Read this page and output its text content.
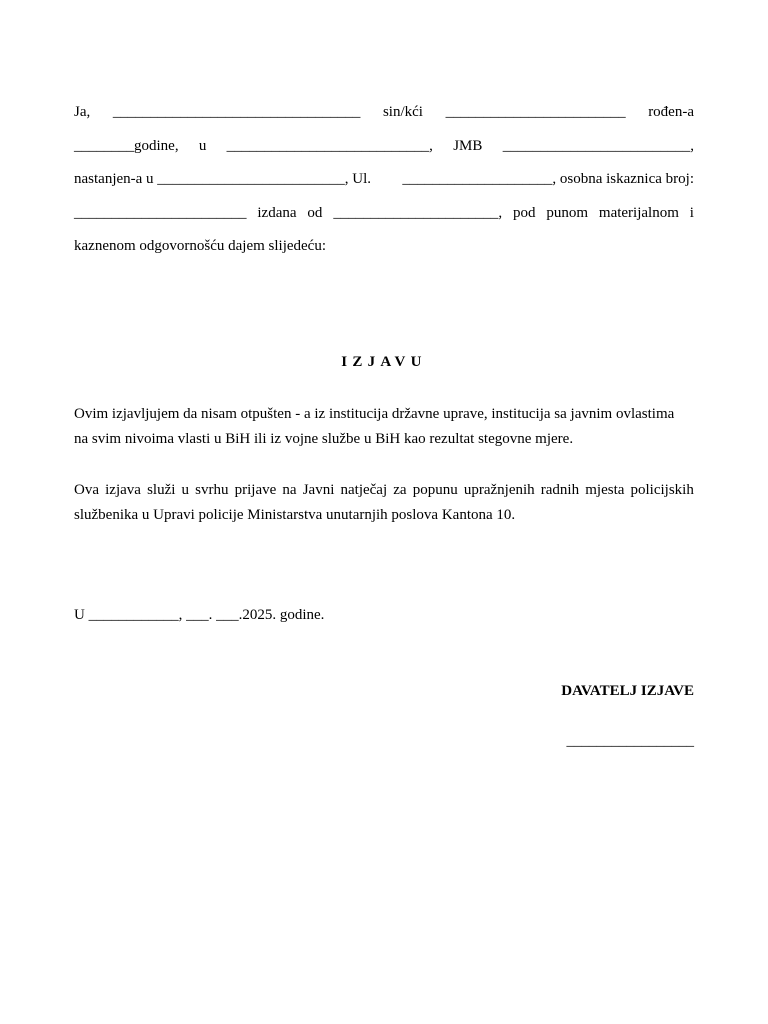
Ja, _________________________________ sin/kći ________________________ rođen-a
________godine, u ___________________________, JMB _________________________,
nastanjen-a u _________________________, Ul. ____________________, osobna iskaznica broj:
_______________________ izdana od ______________________, pod punom materijalnom i
kaznenom odgovornošću dajem slijedeću:
IZJAVU
Ovim izjavljujem da nisam otpušten - a iz institucija državne uprave, institucija sa javnim ovlastima
na svim nivoima vlasti u BiH ili iz vojne službe u BiH kao rezultat stegovne mjere.
Ova izjava služi u svrhu prijave na Javni natječaj za popunu upražnjenih radnih mjesta policijskih
službenika u Upravi policije Ministarstva unutarnjih poslova Kantona 10.
U ____________, ___. ___.2025. godine.
DAVATELJ IZJAVE
_________________
